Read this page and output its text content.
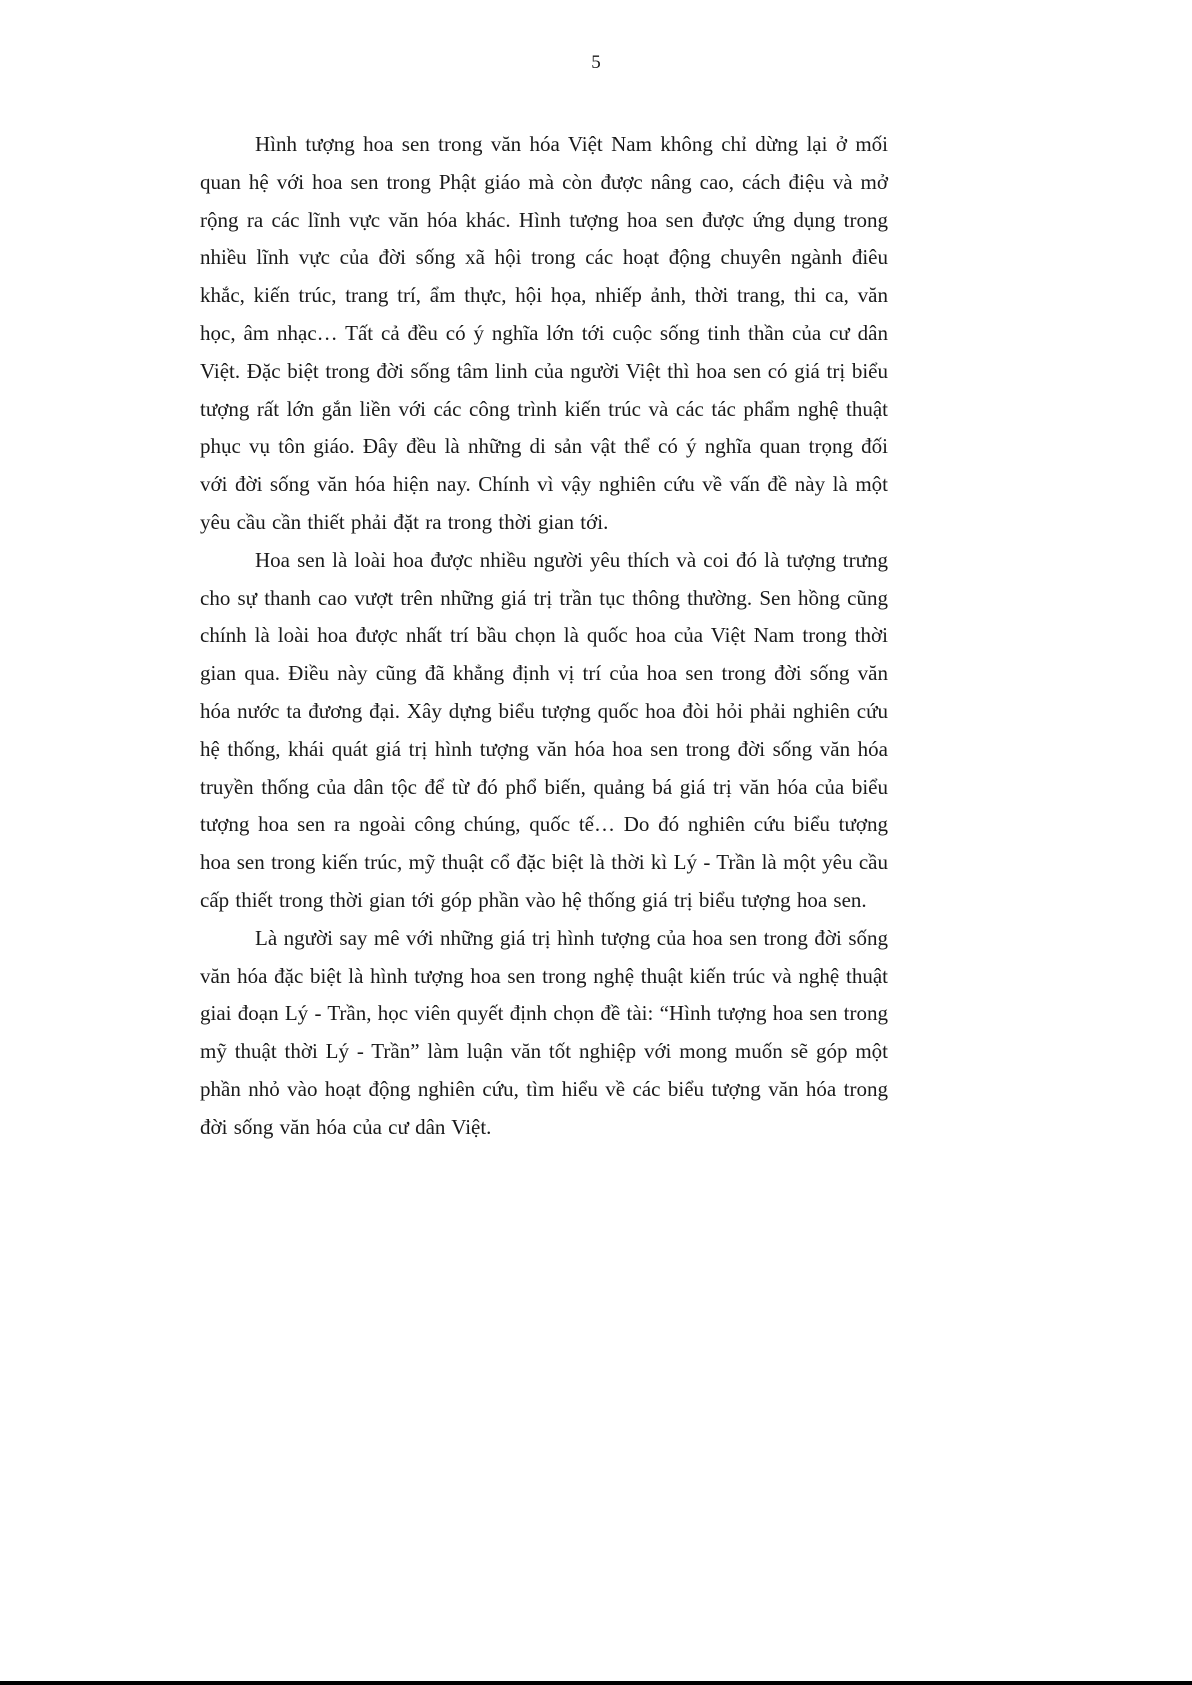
5

Hình tượng hoa sen trong văn hóa Việt Nam không chỉ dừng lại ở mối quan hệ với hoa sen trong Phật giáo mà còn được nâng cao, cách điệu và mở rộng ra các lĩnh vực văn hóa khác. Hình tượng hoa sen được ứng dụng trong nhiều lĩnh vực của đời sống xã hội trong các hoạt động chuyên ngành điêu khắc, kiến trúc, trang trí, ẩm thực, hội họa, nhiếp ảnh, thời trang, thi ca, văn học, âm nhạc… Tất cả đều có ý nghĩa lớn tới cuộc sống tinh thần của cư dân Việt. Đặc biệt trong đời sống tâm linh của người Việt thì hoa sen có giá trị biểu tượng rất lớn gắn liền với các công trình kiến trúc và các tác phẩm nghệ thuật phục vụ tôn giáo. Đây đều là những di sản vật thể có ý nghĩa quan trọng đối với đời sống văn hóa hiện nay. Chính vì vậy nghiên cứu về vấn đề này là một yêu cầu cần thiết phải đặt ra trong thời gian tới.

Hoa sen là loài hoa được nhiều người yêu thích và coi đó là tượng trưng cho sự thanh cao vượt trên những giá trị trần tục thông thường. Sen hồng cũng chính là loài hoa được nhất trí bầu chọn là quốc hoa của Việt Nam trong thời gian qua. Điều này cũng đã khẳng định vị trí của hoa sen trong đời sống văn hóa nước ta đương đại. Xây dựng biểu tượng quốc hoa đòi hỏi phải nghiên cứu hệ thống, khái quát giá trị hình tượng văn hóa hoa sen trong đời sống văn hóa truyền thống của dân tộc để từ đó phổ biến, quảng bá giá trị văn hóa của biểu tượng hoa sen ra ngoài công chúng, quốc tế… Do đó nghiên cứu biểu tượng hoa sen trong kiến trúc, mỹ thuật cổ đặc biệt là thời kì Lý - Trần là một yêu cầu cấp thiết trong thời gian tới góp phần vào hệ thống giá trị biểu tượng hoa sen.

Là người say mê với những giá trị hình tượng của hoa sen trong đời sống văn hóa đặc biệt là hình tượng hoa sen trong nghệ thuật kiến trúc và nghệ thuật giai đoạn Lý - Trần, học viên quyết định chọn đề tài: “Hình tượng hoa sen trong mỹ thuật thời Lý - Trần” làm luận văn tốt nghiệp với mong muốn sẽ góp một phần nhỏ vào hoạt động nghiên cứu, tìm hiểu về các biểu tượng văn hóa trong đời sống văn hóa của cư dân Việt.
